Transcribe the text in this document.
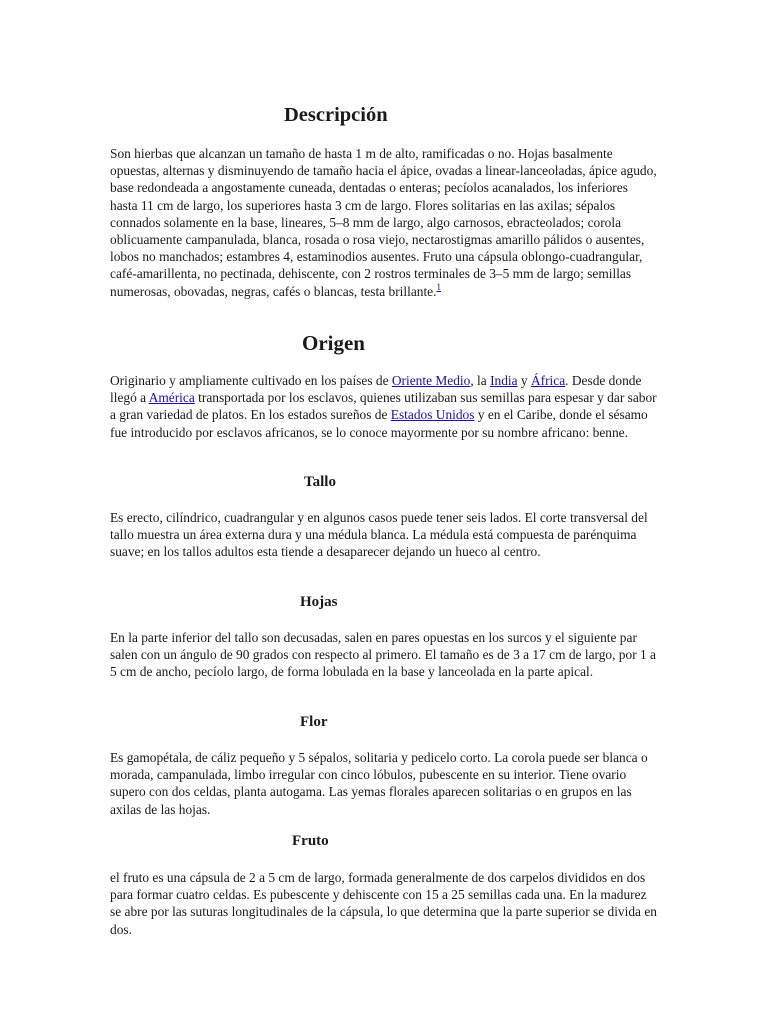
Descripción

Son hierbas que alcanzan un tamaño de hasta 1 m de alto, ramificadas o no. Hojas basalmente opuestas, alternas y disminuyendo de tamaño hacia el ápice, ovadas a linear-lanceoladas, ápice agudo, base redondeada a angostamente cuneada, dentadas o enteras; pecíolos acanalados, los inferiores hasta 11 cm de largo, los superiores hasta 3 cm de largo. Flores solitarias en las axilas; sépalos connados solamente en la base, lineares, 5–8 mm de largo, algo carnosos, ebracteolados; corola oblicuamente campanulada, blanca, rosada o rosa viejo, nectarostigmas amarillo pálidos o ausentes, lobos no manchados; estambres 4, estaminodios ausentes. Fruto una cápsula oblongo-cuadrangular, café-amarillenta, no pectinada, dehiscente, con 2 rostros terminales de 3–5 mm de largo; semillas numerosas, obovadas, negras, cafés o blancas, testa brillante.$^1$

Origen

Originario y ampliamente cultivado en los países de Oriente Medio, la India y África. Desde donde llegó a América transportada por los esclavos, quienes utilizaban sus semillas para espesar y dar sabor a gran variedad de platos. En los estados sureños de Estados Unidos y en el Caribe, donde el sésamo fue introducido por esclavos africanos, se lo conoce mayormente por su nombre africano: benne.

Tallo

Es erecto, cilíndrico, cuadrangular y en algunos casos puede tener seis lados. El corte transversal del tallo muestra un área externa dura y una médula blanca. La médula está compuesta de parénquima suave; en los tallos adultos esta tiende a desaparecer dejando un hueco al centro.

Hojas

En la parte inferior del tallo son decusadas, salen en pares opuestas en los surcos y el siguiente par salen con un ángulo de 90 grados con respecto al primero. El tamaño es de 3 a 17 cm de largo, por 1 a 5 cm de ancho, pecíolo largo, de forma lobulada en la base y lanceolada en la parte apical.

Flor

Es gamopétala, de cáliz pequeño y 5 sépalos, solitaria y pedicelo corto. La corola puede ser blanca o morada, campanulada, limbo irregular con cinco lóbulos, pubescente en su interior. Tiene ovario supero con dos celdas, planta autogama. Las yemas florales aparecen solitarias o en grupos en las axilas de las hojas.

Fruto

el fruto es una cápsula de 2 a 5 cm de largo, formada generalmente de dos carpelos divididos en dos para formar cuatro celdas. Es pubescente y dehiscente con 15 a 25 semillas cada una. En la madurez se abre por las suturas longitudinales de la cápsula, lo que determina que la parte superior se divida en dos.
